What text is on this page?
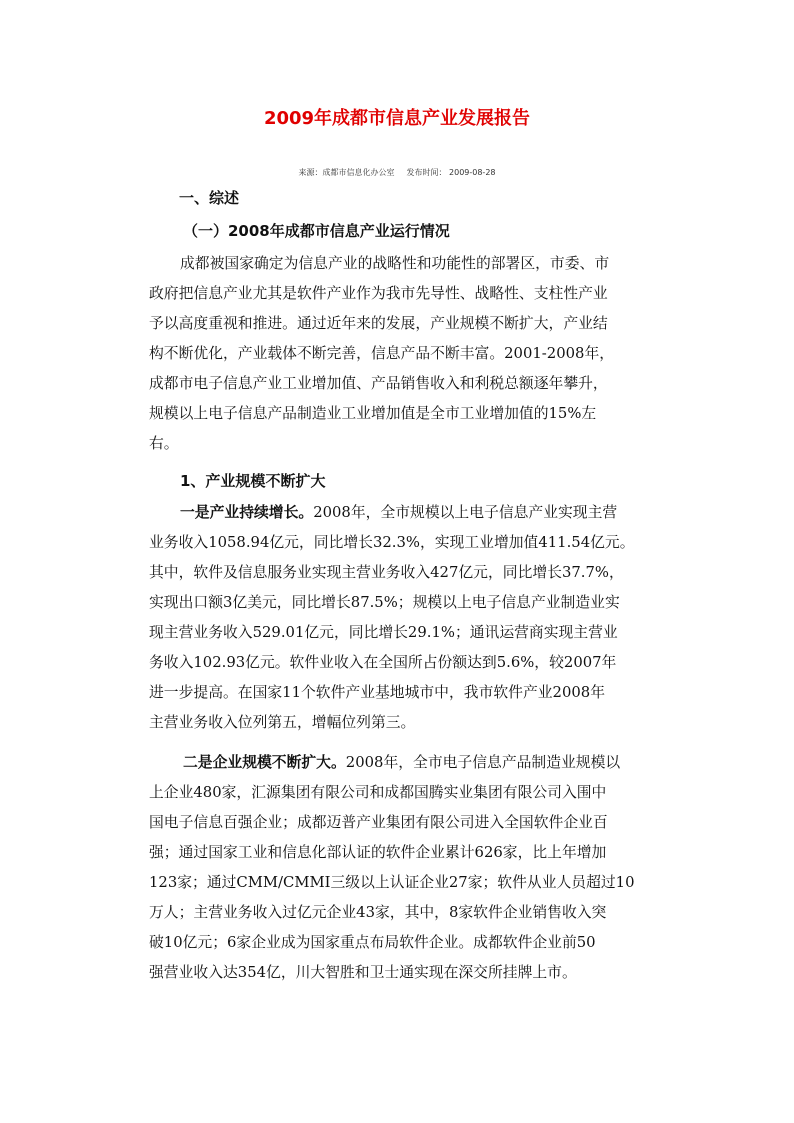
2009年成都市信息产业发展报告
来源：成都市信息化办公室 发布时间： 2009-08-28
一、综述
（一）2008年成都市信息产业运行情况
成都被国家确定为信息产业的战略性和功能性的部署区，市委、市
政府把信息产业尤其是软件产业作为我市先导性、战略性、支柱性产业
予以高度重视和推进。通过近年来的发展，产业规模不断扩大，产业结
构不断优化，产业载体不断完善，信息产品不断丰富。2001-2008年，
成都市电子信息产业工业增加值、产品销售收入和利税总额逐年攀升，
规模以上电子信息产品制造业工业增加值是全市工业增加值的15%左
右。
1、产业规模不断扩大
一是产业持续增长。2008年，全市规模以上电子信息产业实现主营
业务收入1058.94亿元，同比增长32.3%，实现工业增加值411.54亿元。
其中，软件及信息服务业实现主营业务收入427亿元，同比增长37.7%，
实现出口额3亿美元，同比增长87.5%；规模以上电子信息产业制造业实
现主营业务收入529.01亿元，同比增长29.1%；通讯运营商实现主营业
务收入102.93亿元。软件业收入在全国所占份额达到5.6%，较2007年
进一步提高。在国家11个软件产业基地城市中，我市软件产业2008年
主营业务收入位列第五，增幅位列第三。
二是企业规模不断扩大。2008年，全市电子信息产品制造业规模以
上企业480家，汇源集团有限公司和成都国腾实业集团有限公司入围中
国电子信息百强企业；成都迈普产业集团有限公司进入全国软件企业百
强；通过国家工业和信息化部认证的软件企业累计626家，比上年增加
123家；通过CMM/CMMI三级以上认证企业27家；软件从业人员超过10
万人；主营业务收入过亿元企业43家，其中，8家软件企业销售收入突
破10亿元；6家企业成为国家重点布局软件企业。成都软件企业前50
强营业收入达354亿，川大智胜和卫士通实现在深交所挂牌上市。
